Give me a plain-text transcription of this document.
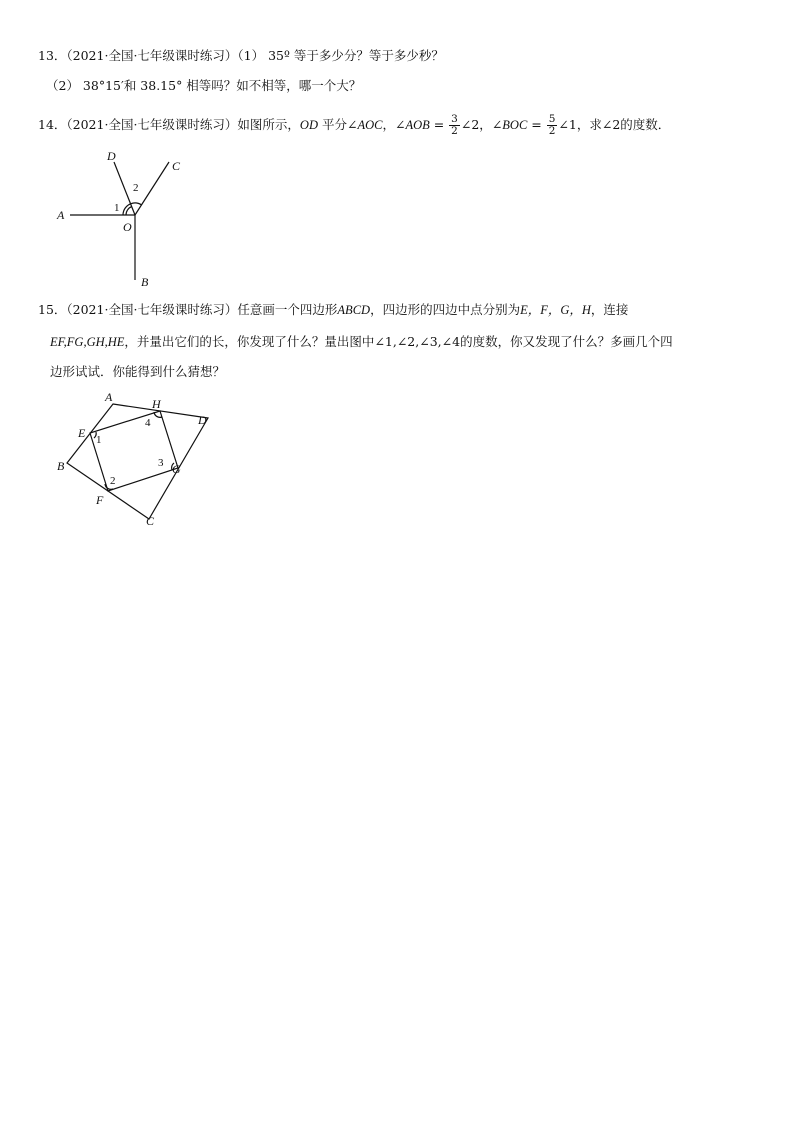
13．（2021·全国·七年级课时练习）（1） 35º 等于多少分？等于多少秒？
（2） 38°15′和 38.15° 相等吗？如不相等，哪一个大？
14．（2021·全国·七年级课时练习）如图所示，OD 平分∠AOC，∠AOB = $\frac{3}{2}$ ∠2，∠BOC = $\frac{5}{2}$ ∠1，求∠2的度数．
D
C
A
O
B
1
2
15．（2021·全国·七年级课时练习）任意画一个四边形ABCD，四边形的四边中点分别为E，F，G，H，连接
EF,FG,GH,HE，并量出它们的长，你发现了什么？量出图中∠1,∠2,∠3,∠4的度数，你又发现了什么？多画几个四
边形试试．你能得到什么猜想？
A	H
D
E
B	G
F
C
1
2
3
4
